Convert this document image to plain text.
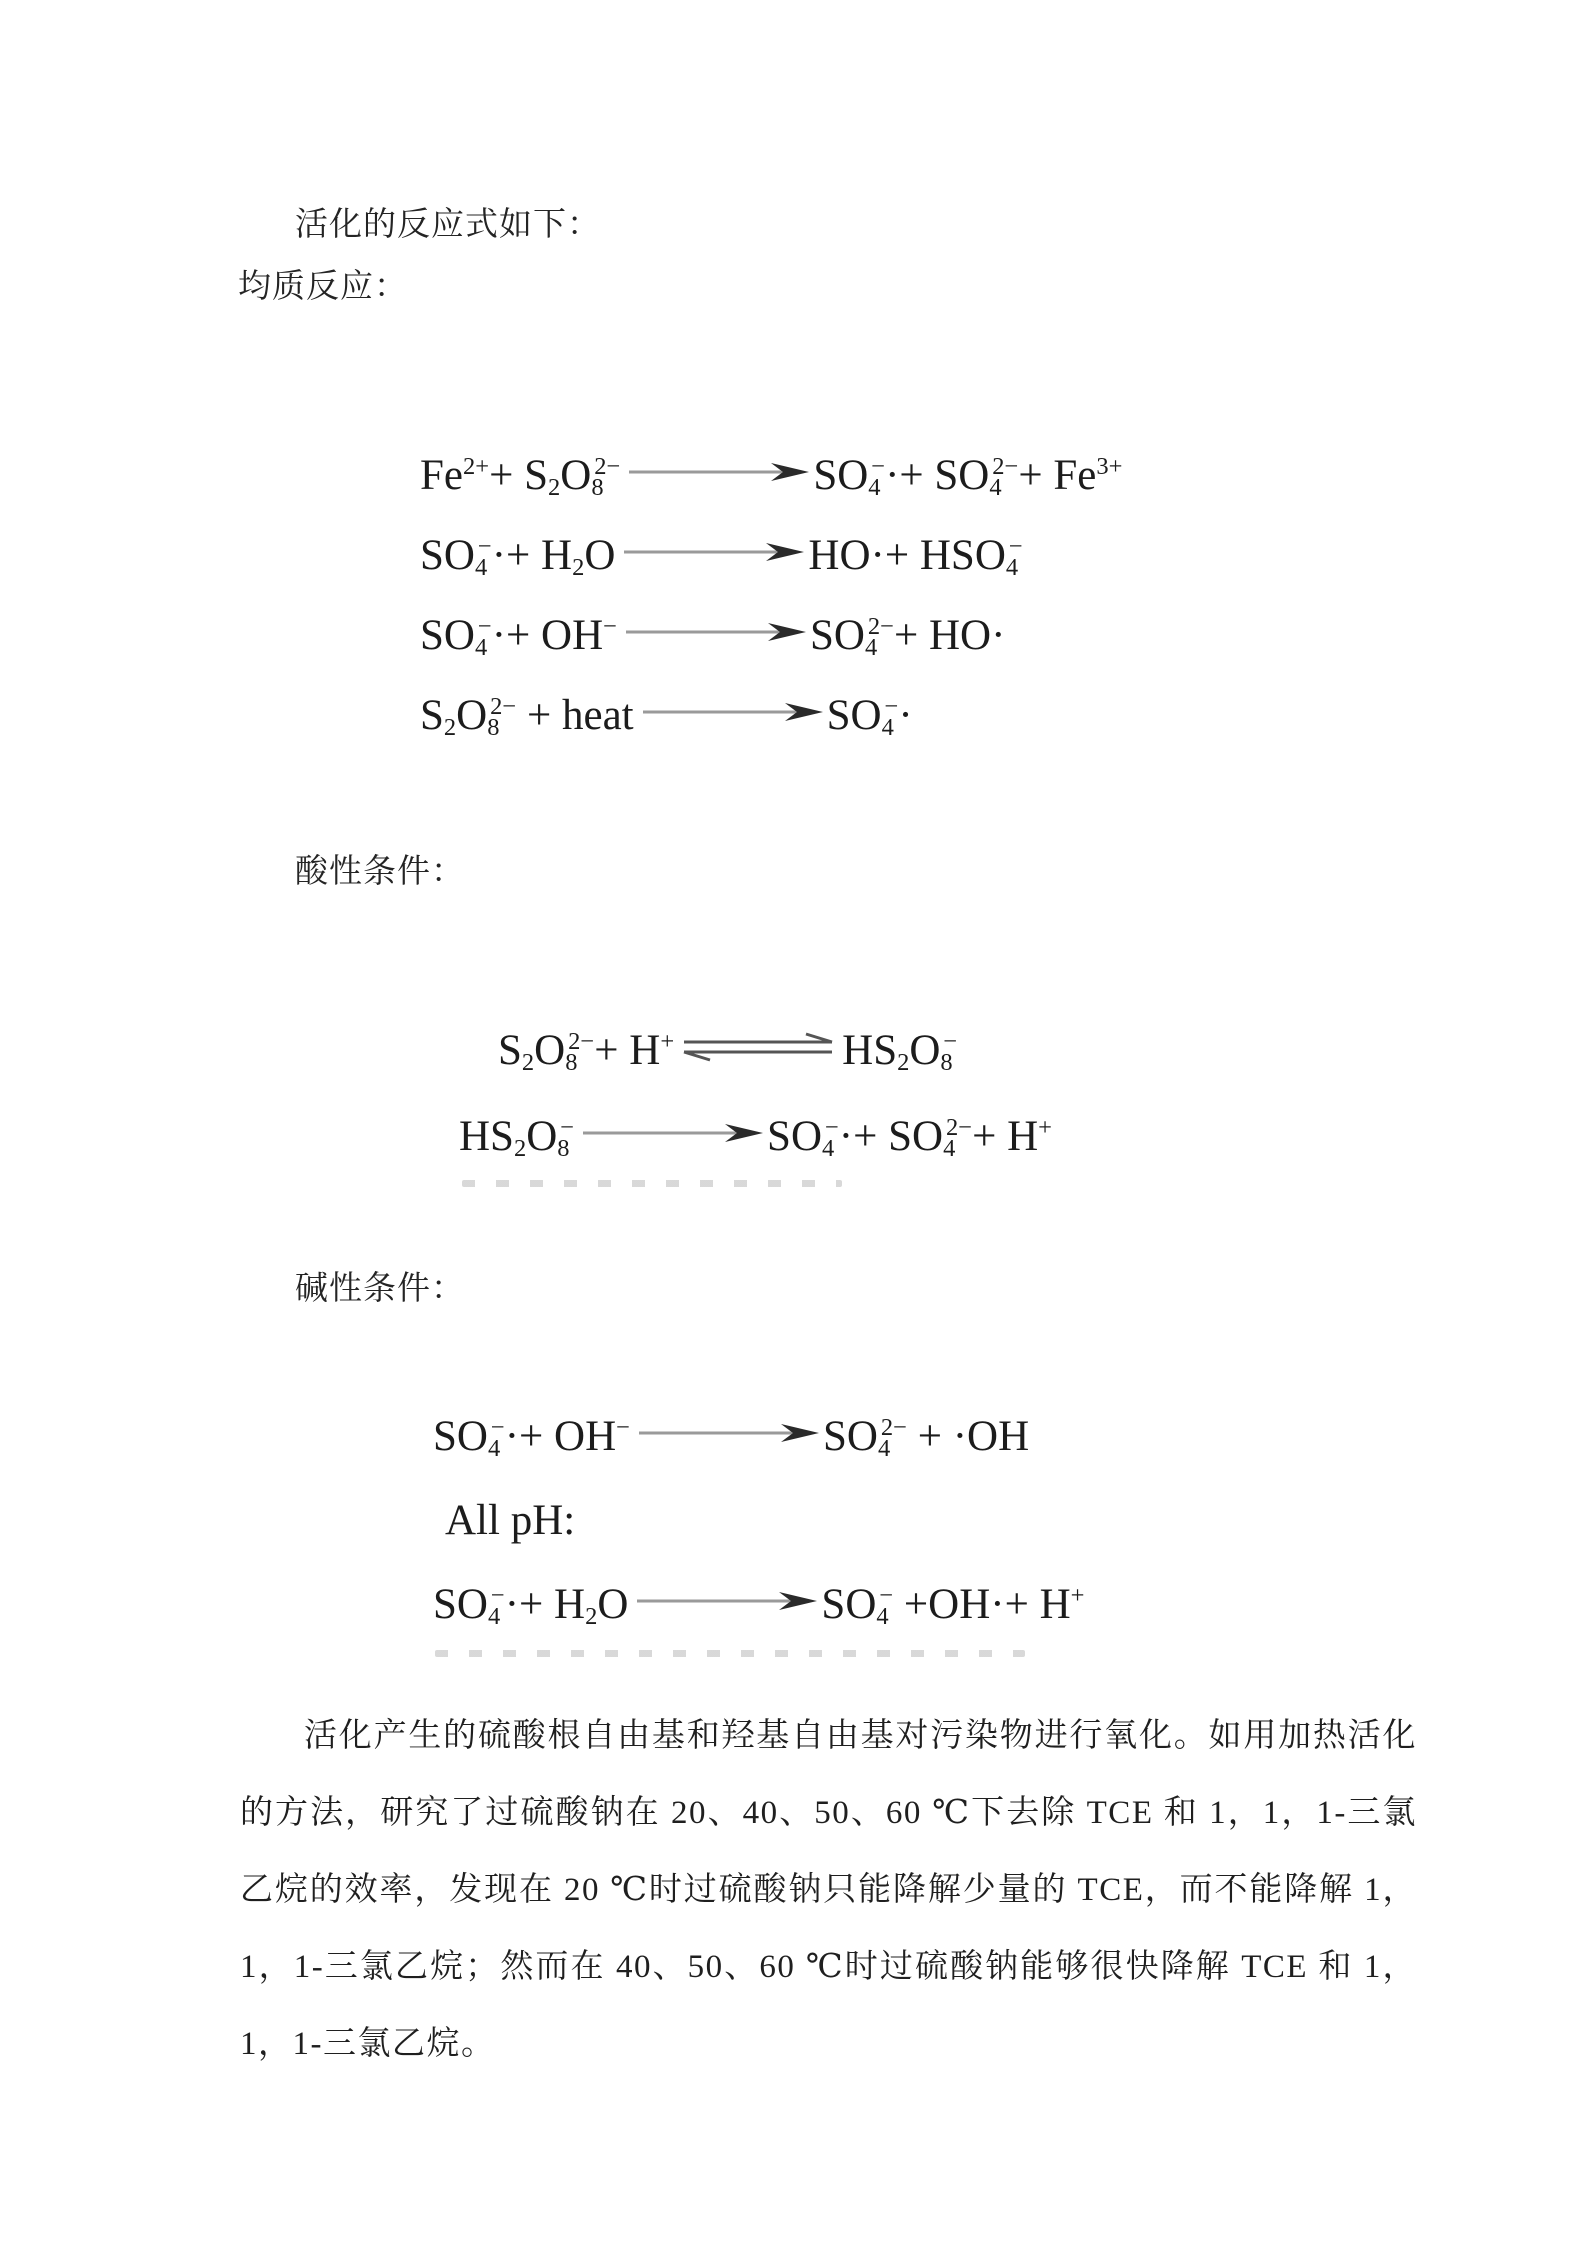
活化的反应式如下：

均质反应：

$Fe^{2+}+ S_2O_8^{2-}$	$SO_4^-\cdot+ SO_4^{2-}+ Fe^{3+}$
$SO_4^-\cdot+ H_2O$	$HO\cdot+ HSO_4^-$
$SO_4^-\cdot+ OH^-$	$SO_4^{2-}+ HO\cdot$
$S_2O_8^{2-}$ + heat	$SO_4^-\cdot$

酸性条件：

$S_2O_8^{2-}+ H^+$ ⇌ $HS_2O_8^-$
$HS_2O_8^-$	$SO_4^-\cdot+ SO_4^{2-}+ H^+$

碱性条件：

$SO_4^-\cdot+ OH^-$	$SO_4^{2-} + \cdot OH$
All pH:
$SO_4^-\cdot+ H_2O$	$SO_4^- +OH\cdot+ H^+$

活化产生的硫酸根自由基和羟基自由基对污染物进行氧化。如用加热活化的方法，研究了过硫酸钠在 20、40、50、60 ℃下去除 TCE 和 1，1，1-三氯乙烷的效率，发现在 20 ℃时过硫酸钠只能降解少量的 TCE，而不能降解 1，1，1-三氯乙烷；然而在 40、50、60 ℃时过硫酸钠能够很快降解 TCE 和 1，1，1-三氯乙烷。
